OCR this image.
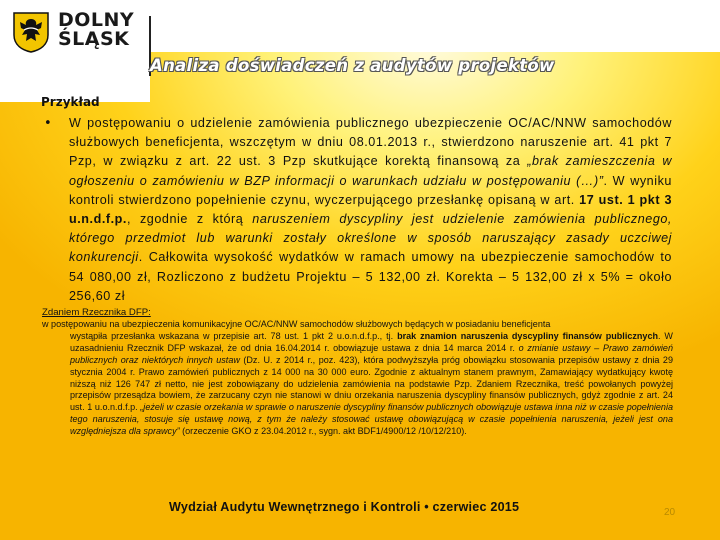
DOLNY
ŚLĄSK
Analiza doświadczeń z audytów projektów
Przykład
• W postępowaniu o udzielenie zamówienia publicznego ubezpieczenie OC/AC/NNW samochodów służbowych beneficjenta, wszczętym w dniu 08.01.2013 r., stwierdzono naruszenie art. 41 pkt 7 Pzp, w związku z art. 22 ust. 3 Pzp skutkujące korektą finansową za „brak zamieszczenia w ogłoszeniu o zamówieniu w BZP informacji o warunkach udziału w postępowaniu (…)”. W wyniku kontroli stwierdzono popełnienie czynu, wyczerpującego przesłankę opisaną w art. 17 ust. 1 pkt 3 u.n.d.f.p., zgodnie z którą naruszeniem dyscypliny jest udzielenie zamówienia publicznego, którego przedmiot lub warunki zostały określone w sposób naruszający zasady uczciwej konkurencji. Całkowita wysokość wydatków w ramach umowy na ubezpieczenie samochodów to 54 080,00 zł, Rozliczono z budżetu Projektu – 5 132,00 zł. Korekta – 5 132,00 zł x 5% = około 256,60 zł
Zdaniem Rzecznika DFP:
w postępowaniu na ubezpieczenia komunikacyjne OC/AC/NNW samochodów służbowych będących w posiadaniu beneficjenta
wystąpiła przesłanka wskazana w przepisie art. 78 ust. 1 pkt 2 u.o.n.d.f.p., tj. brak znamion naruszenia dyscypliny finansów publicznych. W uzasadnieniu Rzecznik DFP wskazał, że od dnia 16.04.2014 r. obowiązuje ustawa z dnia 14 marca 2014 r. o zmianie ustawy – Prawo zamówień publicznych oraz niektórych innych ustaw (Dz. U. z 2014 r., poz. 423), która podwyższyła próg obowiązku stosowania przepisów ustawy z dnia 29 stycznia 2004 r. Prawo zamówień publicznych z 14 000 na 30 000 euro. Zgodnie z aktualnym stanem prawnym, Zamawiający wydatkujący kwotę niższą niż 126 747 zł netto, nie jest zobowiązany do udzielenia zamówienia na podstawie Pzp. Zdaniem Rzecznika, treść powołanych powyżej przepisów przesądza bowiem, że zarzucany czyn nie stanowi w dniu orzekania naruszenia dyscypliny finansów publicznych, gdyż zgodnie z art. 24 ust. 1 u.o.n.d.f.p. „jeżeli w czasie orzekania w sprawie o naruszenie dyscypliny finansów publicznych obowiązuje ustawa inna niż w czasie popełnienia tego naruszenia, stosuje się ustawę nową, z tym że należy stosować ustawę obowiązującą w czasie popełnienia naruszenia, jeżeli jest ona względniejsza dla sprawcy” (orzeczenie GKO z 23.04.2012 r., sygn. akt BDF1/4900/12 /10/12/210).
Wydział Audytu Wewnętrznego i Kontroli • czerwiec 2015	20
